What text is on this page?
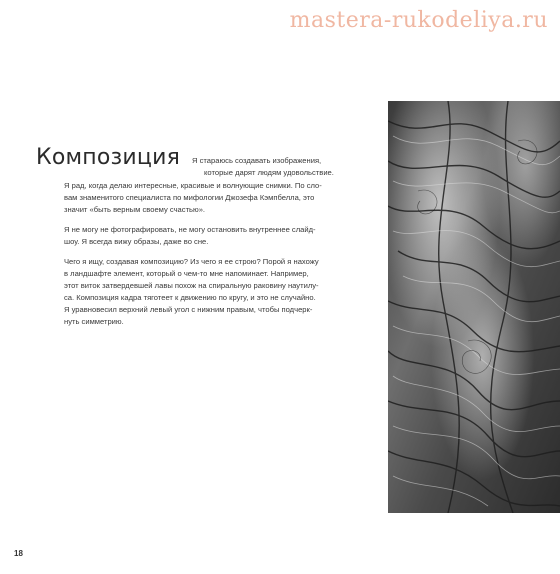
mastera-rukodeliya.ru
Композиция Я стараюсь создавать изображения,
которые дарят людям удовольствие.
Я рад, когда делаю интересные, красивые и волнующие снимки. По сло-
вам знаменитого специалиста по мифологии Джозефа Кэмпбелла, это
значит «быть верным своему счастью».
Я не могу не фотографировать, не могу остановить внутреннее слайд-
шоу. Я всегда вижу образы, даже во сне.
Чего я ищу, создавая композицию? Из чего я ее строю? Порой я нахожу
в ландшафте элемент, который о чем-то мне напоминает. Например,
этот виток затвердевшей лавы похож на спиральную раковину наутилу-
са. Композиция кадра тяготеет к движению по кругу, и это не случайно.
Я уравновесил верхний левый угол с нижним правым, чтобы подчерк-
нуть симметрию.
18
